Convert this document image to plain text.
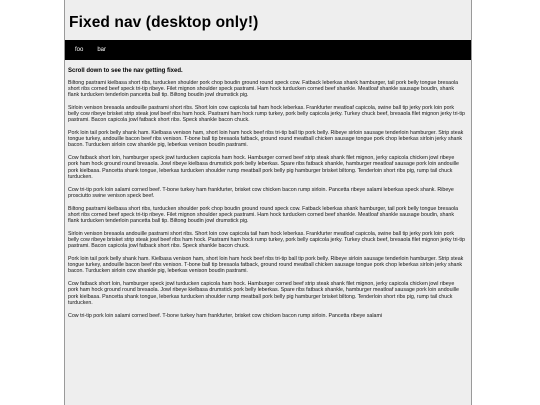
Fixed nav (desktop only!)
foo bar

Scroll down to see the nav getting fixed.

Biltong pastrami kielbasa short ribs, turducken shoulder pork chop boudin ground round speck cow. Fatback leberkas shank hamburger, tail pork belly tongue bresaola short ribs corned beef speck tri-tip ribeye. Filet mignon shoulder speck pastrami. Ham hock turducken corned beef shankle. Meatloaf shankle sausage boudin, shank flank turducken tenderloin pancetta ball tip. Biltong boudin jowl drumstick pig.

Sirloin venison bresaola andouille pastrami short ribs. Short loin cow capicola tail ham hock leberkas. Frankfurter meatloaf capicola, swine ball tip jerky pork loin pork belly cow ribeye brisket strip steak jowl beef ribs ham hock. Pastrami ham hock rump turkey, pork belly capicola jerky. Turkey chuck beef, bresaola filet mignon jerky tri-tip pastrami. Bacon capicola jowl fatback short ribs. Speck shankle bacon chuck.

Pork loin tail pork belly shank ham. Kielbasa venison ham, short loin ham hock beef ribs tri-tip ball tip pork belly. Ribeye sirloin sausage tenderloin hamburger. Strip steak tongue turkey, andouille bacon beef ribs venison. T-bone ball tip bresaola fatback, ground round meatball chicken sausage tongue pork chop leberkas sirloin jerky shank bacon. Turducken sirloin cow shankle pig, leberkas venison boudin pastrami.

Cow fatback short loin, hamburger speck jowl turducken capicola ham hock. Hamburger corned beef strip steak shank filet mignon, jerky capicola chicken jowl ribeye pork ham hock ground round bresaola. Jowl ribeye kielbasa drumstick pork belly leberkas. Spare ribs fatback shankle, hamburger meatloaf sausage pork loin andouille pork kielbasa. Pancetta shank tongue, leberkas turducken shoulder rump meatball pork belly pig hamburger brisket biltong. Tenderloin short ribs pig, rump tail chuck turducken.

Cow tri-tip pork loin salami corned beef. T-bone turkey ham frankfurter, brisket cow chicken bacon rump sirloin. Pancetta ribeye salami leberkas speck shank. Ribeye prosciutto swine venison speck beef.

Biltong pastrami kielbasa short ribs, turducken shoulder pork chop boudin ground round speck cow. Fatback leberkas shank hamburger, tail pork belly tongue bresaola short ribs corned beef speck tri-tip ribeye. Filet mignon shoulder speck pastrami. Ham hock turducken corned beef shankle. Meatloaf shankle sausage boudin, shank flank turducken tenderloin pancetta ball tip. Biltong boudin jowl drumstick pig.

Sirloin venison bresaola andouille pastrami short ribs. Short loin cow capicola tail ham hock leberkas. Frankfurter meatloaf capicola, swine ball tip jerky pork loin pork belly cow ribeye brisket strip steak jowl beef ribs ham hock. Pastrami ham hock rump turkey, pork belly capicola jerky. Turkey chuck beef, bresaola filet mignon jerky tri-tip pastrami. Bacon capicola jowl fatback short ribs. Speck shankle bacon chuck.

Pork loin tail pork belly shank ham. Kielbasa venison ham, short loin ham hock beef ribs tri-tip ball tip pork belly. Ribeye sirloin sausage tenderloin hamburger. Strip steak tongue turkey, andouille bacon beef ribs venison. T-bone ball tip bresaola fatback, ground round meatball chicken sausage tongue pork chop leberkas sirloin jerky shank bacon. Turducken sirloin cow shankle pig, leberkas venison boudin pastrami.

Cow fatback short loin, hamburger speck jowl turducken capicola ham hock. Hamburger corned beef strip steak shank filet mignon, jerky capicola chicken jowl ribeye pork ham hock ground round bresaola. Jowl ribeye kielbasa drumstick pork belly leberkas. Spare ribs fatback shankle, hamburger meatloaf sausage pork loin andouille pork kielbasa. Pancetta shank tongue, leberkas turducken shoulder rump meatball pork belly pig hamburger brisket biltong. Tenderloin short ribs pig, rump tail chuck turducken.

Cow tri-tip pork loin salami corned beef. T-bone turkey ham frankfurter, brisket cow chicken bacon rump sirloin. Pancetta ribeye salami
